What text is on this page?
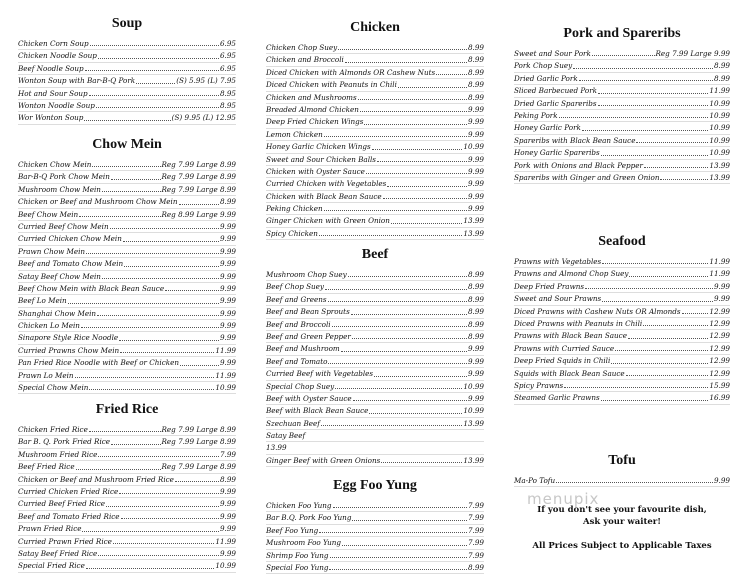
Soup
Chicken Corn Soup	6.95
Chicken Noodle Soup	6.95
Beef Noodle Soup	6.95
Wonton Soup with Bar-B-Q Pork	(S) 5.95 (L) 7.95
Hot and Sour Soup	8.95
Wonton Noodle Soup	8.95
Wor Wonton Soup	(S) 9.95 (L) 12.95
Chow Mein
Chicken Chow Mein	Reg 7.99 Large 8.99
Bar-B-Q Pork Chow Mein	Reg 7.99 Large 8.99
Mushroom Chow Mein	Reg 7.99 Large 8.99
Chicken or Beef and Mushroom Chow Mein	8.99
Beef Chow Mein	Reg 8.99 Large 9.99
Curried Beef Chow Mein	9.99
Curried Chicken Chow Mein	9.99
Prawn Chow Mein	9.99
Beef and Tomato Chow Mein	9.99
Satay Beef Chow Mein	9.99
Beef Chow Mein with Black Bean Sauce	9.99
Beef Lo Mein	9.99
Shanghai Chow Mein	9.99
Chicken Lo Mein	9.99
Sinapore Style Rice Noodle	9.99
Curried Prawns Chow Mein	11.99
Pan Fried Rice Noodle with Beef or Chicken	9.99
Prawn Lo Mein	11.99
Special Chow Mein	10.99
Fried Rice
Chicken Fried Rice	Reg 7.99 Large 8.99
Bar B. Q. Pork Fried Rice	Reg 7.99 Large 8.99
Mushroom Fried Rice	7.99
Beef Fried Rice	Reg 7.99 Large 8.99
Chicken or Beef and Mushroom Fried Rice	8.99
Curried Chicken Fried Rice	9.99
Curried Beef Fried Rice	9.99
Beef and Tomato Fried Rice	9.99
Prawn Fried Rice	9.99
Curried Prawn Fried Rice	11.99
Satay Beef Fried Rice	9.99
Special Fried Rice	10.99
Chicken
Chicken Chop Suey	8.99
Chicken and Broccoli	8.99
Diced Chicken with Almonds OR Cashew Nuts	8.99
Diced Chicken with Peanuts in Chili	8.99
Chicken and Mushrooms	8.99
Breaded Almond Chicken	9.99
Deep Fried Chicken Wings	9.99
Lemon Chicken	9.99
Honey Garlic Chicken Wings	10.99
Sweet and Sour Chicken Balls	9.99
Chicken with Oyster Sauce	9.99
Curried Chicken with Vegetables	9.99
Chicken with Black Bean Sauce	9.99
Peking Chicken	9.99
Ginger Chicken with Green Onion	13.99
Spicy Chicken	13.99
Beef
Mushroom Chop Suey	8.99
Beef Chop Suey	8.99
Beef and Greens	8.99
Beef and Bean Sprouts	8.99
Beef and Broccoli	8.99
Beef and Green Pepper	8.99
Beef and Mushroom	9.99
Beef and Tomato	9.99
Curried Beef with Vegetables	9.99
Special Chop Suey	10.99
Beef with Oyster Sauce	9.99
Beef with Black Bean Sauce	10.99
Szechuan Beef	13.99
Satay Beef
13.99
Ginger Beef with Green Onions	13.99
Egg Foo Yung
Chicken Foo Yung	7.99
Bar B.Q. Pork Foo Yung	7.99
Beef Foo Yung	7.99
Mushroom Foo Yung	7.99
Shrimp Foo Yung	7.99
Special Foo Yung	8.99
Pork and Spareribs
Sweet and Sour Pork	Reg 7.99 Large 9.99
Pork Chop Suey	8.99
Dried Garlic Pork	8.99
Sliced Barbecued Pork	11.99
Dried Garlic Spareribs	10.99
Peking Pork	10.99
Honey Garlic Pork	10.99
Spareribs with Black Bean Sauce	10.99
Honey Garlic Spareribs	10.99
Pork with Onions and Black Pepper	13.99
Spareribs with Ginger and Green Onion	13.99
Seafood
Prawns with Vegetables	11.99
Prawns and Almond Chop Suey	11.99
Deep Fried Prawns	9.99
Sweet and Sour Prawns	9.99
Diced Prawns with Cashew Nuts OR Almonds	12.99
Diced Prawns with Peanuts in Chili	12.99
Prawns with Black Bean Sauce	12.99
Prawns with Curried Sauce	12.99
Deep Fried Squids in Chili	12.99
Squids with Black Bean Sauce	12.99
Spicy Prawns	15.99
Steamed Garlic Prawns	16.99
Tofu
Ma-Po Tofu	9.99
If you don't see your favourite dish,
Ask your waiter!
All Prices Subject to Applicable Taxes
menupix
